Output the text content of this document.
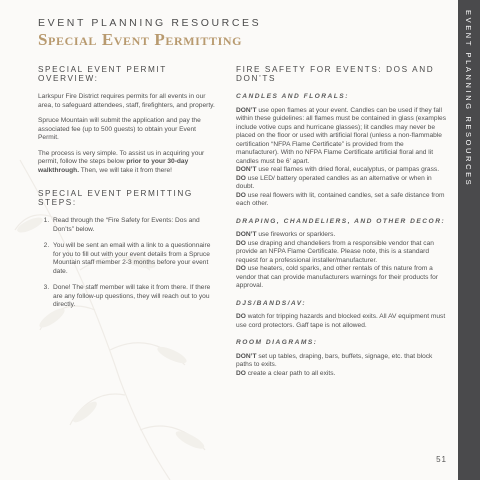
EVENT PLANNING RESOURCES
EVENT PLANNING RESOURCES
Special Event Permitting
SPECIAL EVENT PERMIT OVERVIEW:

Larkspur Fire District requires permits for all events in our area, to safeguard attendees, staff, firefighters, and property.

Spruce Mountain will submit the application and pay the associated fee (up to 500 guests) to obtain your Event Permit.

The process is very simple. To assist us in acquiring your permit, follow the steps below prior to your 30-day walkthrough. Then, we will take it from there!

SPECIAL EVENT PERMITTING STEPS:
1. Read through the “Fire Safety for Events: Dos and Don’ts” below.
2. You will be sent an email with a link to a questionnaire for you to fill out with your event details from a Spruce Mountain staff member 2-3 months before your event date.
3. Done! The staff member will take it from there. If there are any follow-up questions, they will reach out to you directly.
FIRE SAFETY FOR EVENTS: DOS AND DON’TS
CANDLES AND FLORALS:
DON’T use open flames at your event. Candles can be used if they fall within these guidelines: all flames must be contained in glass (examples include votive cups and hurricane glasses); lit candles may never be placed on the floor or used with artificial floral (unless a non-flammable certification “NFPA Flame Certificate” is provided from the manufacturer). With no NFPA Flame Certificate artificial floral and lit candles must be 6’ apart.
DON’T use real flames with dried floral, eucalyptus, or pampas grass.
DO use LED/ battery operated candles as an alternative or when in doubt.
DO use real flowers with lit, contained candles, set a safe distance from each other.
DRAPING, CHANDELIERS, AND OTHER DECOR:
DON’T use fireworks or sparklers.
DO use draping and chandeliers from a responsible vendor that can provide an NFPA Flame Certificate. Please note, this is a standard request for a professional installer/manufacturer.
DO use heaters, cold sparks, and other rentals of this nature from a vendor that can provide manufacturers warnings for their products for approval.
DJS/BANDS/AV:
DO watch for tripping hazards and blocked exits. All AV equipment must use cord protectors. Gaff tape is not allowed.
ROOM DIAGRAMS:
DON’T set up tables, draping, bars, buffets, signage, etc. that block paths to exits.
DO create a clear path to all exits.
51
